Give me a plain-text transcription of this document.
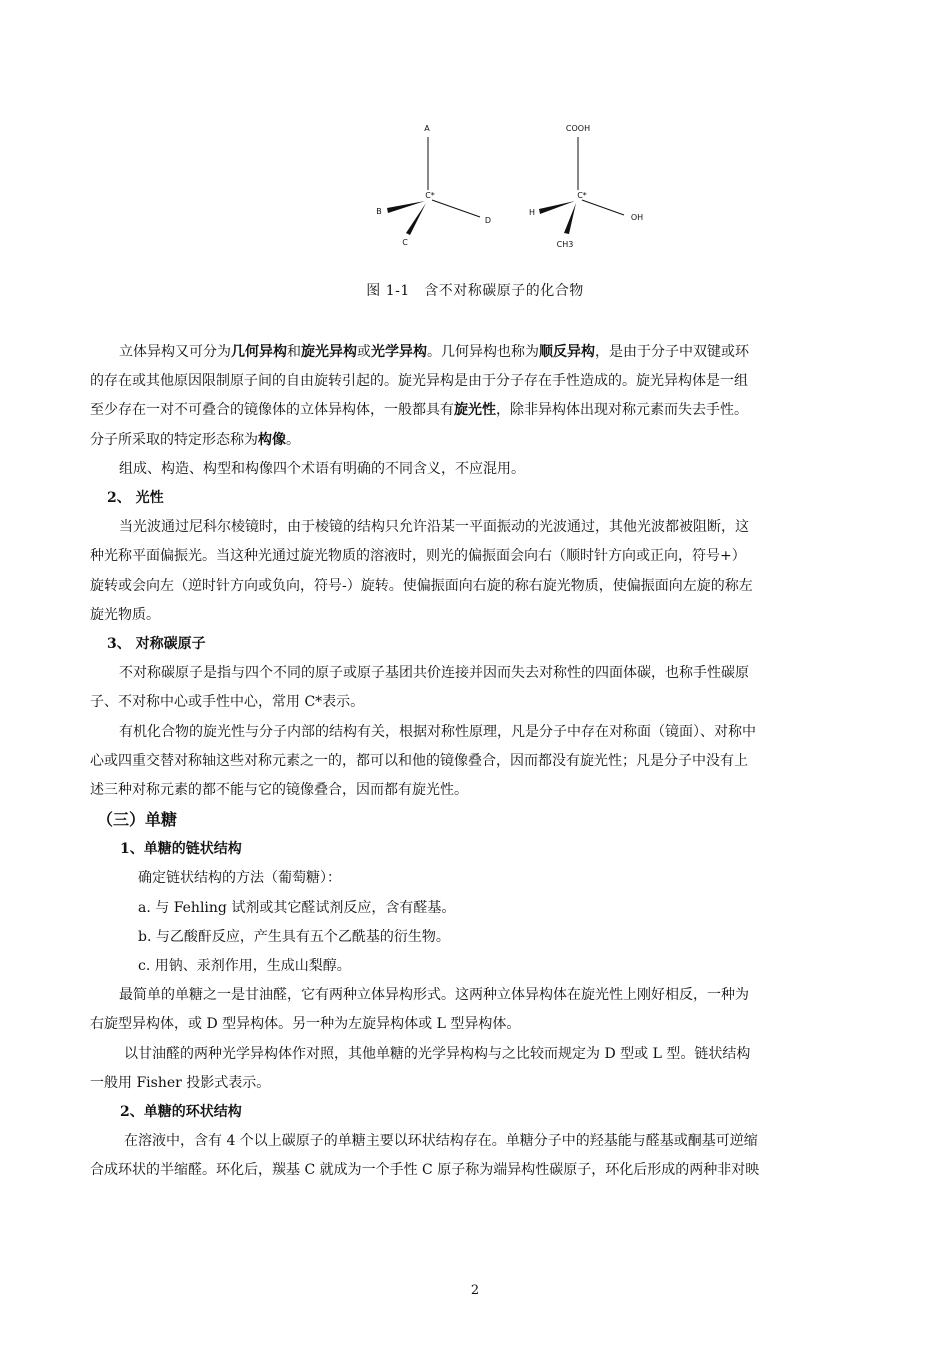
A
C*
B
D
C
COOH
C*
H
OH
CH3
图 1-1　含不对称碳原子的化合物
立体异构又可分为几何异构和旋光异构或光学异构。几何异构也称为顺反异构，是由于分子中双键或环
的存在或其他原因限制原子间的自由旋转引起的。旋光异构是由于分子存在手性造成的。旋光异构体是一组
至少存在一对不可叠合的镜像体的立体异构体，一般都具有旋光性，除非异构体出现对称元素而失去手性。
分子所采取的特定形态称为构像。
组成、构造、构型和构像四个术语有明确的不同含义，不应混用。
2、 光性
当光波通过尼科尔棱镜时，由于棱镜的结构只允许沿某一平面振动的光波通过，其他光波都被阻断，这
种光称平面偏振光。当这种光通过旋光物质的溶液时，则光的偏振面会向右（顺时针方向或正向，符号+）
旋转或会向左（逆时针方向或负向，符号-）旋转。使偏振面向右旋的称右旋光物质，使偏振面向左旋的称左
旋光物质。
3、 对称碳原子
不对称碳原子是指与四个不同的原子或原子基团共价连接并因而失去对称性的四面体碳，也称手性碳原
子、不对称中心或手性中心，常用 C*表示。
有机化合物的旋光性与分子内部的结构有关，根据对称性原理，凡是分子中存在对称面（镜面）、对称中
心或四重交替对称轴这些对称元素之一的，都可以和他的镜像叠合，因而都没有旋光性；凡是分子中没有上
述三种对称元素的都不能与它的镜像叠合，因而都有旋光性。
（三）单糖
1、单糖的链状结构
确定链状结构的方法（葡萄糖）：
a. 与 Fehling 试剂或其它醛试剂反应，含有醛基。
b. 与乙酸酐反应，产生具有五个乙酰基的衍生物。
c. 用钠、汞剂作用，生成山梨醇。
最简单的单糖之一是甘油醛，它有两种立体异构形式。这两种立体异构体在旋光性上刚好相反，一种为
右旋型异构体，或 D 型异构体。另一种为左旋异构体或 L 型异构体。
以甘油醛的两种光学异构体作对照，其他单糖的光学异构构与之比较而规定为 D 型或 L 型。链状结构
一般用 Fisher 投影式表示。
2、单糖的环状结构
在溶液中，含有 4 个以上碳原子的单糖主要以环状结构存在。单糖分子中的羟基能与醛基或酮基可逆缩
合成环状的半缩醛。环化后，羰基 C 就成为一个手性 C 原子称为端异构性碳原子，环化后形成的两种非对映
2
